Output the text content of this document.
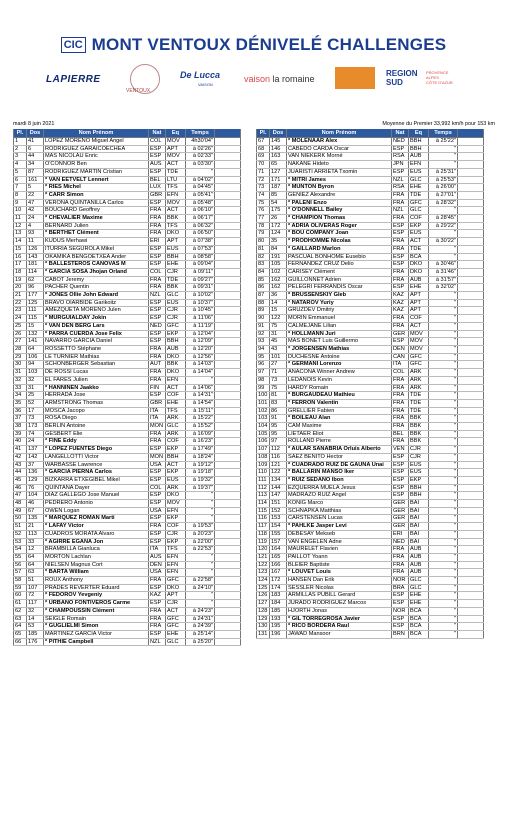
CIC MONT VENTOUX DÉNIVELÉ CHALLENGES
LAPIERRE
VENTOUX
De Lucca
VAISON
vaison la romaine
REGION
SUD
PROVENCE
ALPES
CÔTE D'AZUR
mardi 8 juin 2021	Moyenne du Premier 33,992 km/h pour 153 km
Pl.	Dos	Nom Prénom	Nat	Eq	Temps	
1	41	LOPEZ MORENO Miguel Angel	COL	MOV	4h30'04"	
2	6	RODRIGUEZ GARAICOECHEA	ESP	APT	à 02'26"	
3	44	MAS NICOLAU Enric	ESP	MOV	à 02'33"	
4	34	O'CONNOR Ben	AUS	ACT	à 03'30"	
5	87	RODRIGUEZ MARTIN Cristian	ESP	TDE	"	
6	161	* VAN EETVELT Lennert	BEL	LTU	à 04'02"	
7	5	* RIES Michel	LUX	TFS	à 04'45"	
8	22	* CARR Simon	GBR	EFN	à 05'41"	
9	47	VERONA QUINTANILLA Carlos	ESP	MOV	à 05'48"	
10	42	BOUCHARD Geoffrey	FRA	ACT	à 06'10"	
11	24	* CHEVALIER Maxime	FRA	BBK	à 06'17"	
12	4	BERNARD Julien	FRA	TFS	à 06'32"	
13	93	* BERTHET Clément	FRA	DKO	à 06'50"	
14	11	KUDUS Merhawi	ERI	APT	à 07'38"	
15	126	ITURRIA SEGUROLA Mikel	ESP	EUS	à 07'53"	
16	143	OKAMIKA BENGOETXEA Ander	ESP	BBH	à 08'58"	
17	181	* BALLESTEROS CANOVAS M	ESP	EHE	à 09'04"	
18	114	* GARCIA SOSA Jhojan Orland	COL	CJR	à 09'11"	
19	62	CABOT Jeremy	FRA	TDE	à 09'27"	
20	96	PACHER Quentin	FRA	BBK	à 09'31"	
21	177	* JONES Ollie John Edward	NZL	GLC	à 10'02"	
22	125	BRAVO OIARBIDE Garikoitz	ESP	EUS	à 10'37"	
23	111	AMEZQUETA MORENO Julen	ESP	CJR	à 10'45"	
24	115	* MURGUIALDAY Jokin	ESP	CJR	à 11'06"	
25	15	* VAN DEN BERG Lars	NED	GFC	à 11'19"	
26	132	* PARRA CUERDA Jose Felix	ESP	EKP	à 12'04"	
27	141	NAVARRO GARCIA Daniel	ESP	BBH	à 12'09"	
28	64	ROSSETTO Stéphane	FRA	AUB	à 12'20"	
29	106	LE TURNIER Mathias	FRA	DKO	à 12'56"	
30	94	SCHÖNBERGER Sebastian	AUT	BBK	à 14'03"	
31	103	DE ROSSI Lucas	FRA	DKO	à 14'04"	
32	32	EL FARES Julien	FRA	EFN	"	
33	31	* HÄNNINEN Jaakko	FIN	ACT	à 14'06"	
34	25	HERRADA Jose	ESP	COF	à 14'31"	
35	52	ARMSTRONG Thomas	GBR	EHE	à 14'54"	
36	17	MOSCA Jacopo	ITA	TFS	à 15'11"	
37	73	ROSA Diego	ITA	ARK	à 15'22"	
38	173	BERLIN Antoine	MON	GLC	à 15'52"	
39	74	GESBERT Elie	FRA	ARK	à 16'09"	
40	24	* FINE Eddy	FRA	COF	à 16'23"	
41	137	* LOPEZ FUENTES Diego	ESP	EKP	à 17'49"	
42	142	LANGELLOTTI Victor	MON	BBH	à 18'24"	
43	37	WARBASSE Lawrence	USA	ACT	à 19'12"	
44	136	* GARCIA PIERNA Carlos	ESP	EKP	à 19'18"	
45	129	BIZKARRA ETXEGIBEL Mikel	ESP	EUS	à 19'32"	
46	76	QUINTANA Dayer	COL	ARK	à 19'37"	
47	104	DIAZ GALLEGO Jose Manuel	ESP	DKO	"	
48	46	PEDRERO Antonio	ESP	MOV	"	
49	67	OWEN Logan	USA	EFN	"	
50	135	* MARQUEZ ROMAN Marti	ESP	EKP	"	
51	21	* LAFAY Victor	FRA	COF	à 19'53"	
52	113	CUADROS MORATA Alvaro	ESP	CJR	à 20'23"	
53	33	* AGIRRE EGAÑA Jon	ESP	EKP	à 22'00"	
54	12	BRAMBILLA Gianluca	ITA	TFS	à 22'53"	
55	64	MORTON Lachlan	AUS	EFN	"	
56	64	NIELSEN Magnus Cort	DEN	EFN	"	
57	63	* BARTA William	USA	EFN	"	
58	51	ROUX Anthony	FRA	GFC	à 22'58"	
59	107	PRADES REVERTER Eduard	ESP	DKO	à 24'10"	
60	72	* FEDOROV Yevgeniy	KAZ	APT	"	
61	117	* URBANO FONTIVEROS Carme	ESP	CJR	"	
62	32	* CHAMPOUSSIN Clément	FRA	ACT	à 24'23"	
63	14	SEIGLE Romain	FRA	GFC	à 24'31"	
64	53	* GUGLIELMI Simon	FRA	GFC	à 24'39"	
65	185	MARTINEZ GARCIA Victor	ESP	EHE	à 25'14"	
66	176	* PITHIE Campbell	NZL	GLC	à 25'20"	
Pl.	Dos	Nom Prénom	Nat	Eq	Temps	
67	145	* MOLENAAR Alex	NED	BBH	à 25'22"	
68	146	CABEDO CARDA Oscar	ESP	BBH	"	
69	163	VAN NIEKERK Morné	RSA	AUB	"	
70	65	NAKANE Hideto	JPN	EFN	"	
71	127	JUARISTI ARRIETA Txomin	ESP	EUS	à 25'31"	
72	171	* MITRI James	NZL	GLC	à 25'53"	
73	187	* MUNTON Byron	RSA	EHE	à 26'00"	
74	85	GENIEZ Alexandre	FRA	TDE	à 27'01"	
75	54	* PALENI Enzo	FRA	GFC	à 28'32"	
76	175	* O'DONNELL Bailey	NZL	GLC	"	
77	26	* CHAMPION Thomas	FRA	COF	à 28'45"	
78	172	* ADRIA OLIVERAS Roger	ESP	EKP	à 29'22"	
79	124	* BOU COMPANY Joan	ESP	EUS	"	
80	35	* PRODHOMME Nicolas	FRA	ACT	à 30'22"	
81	84	* GAILLARD Marlon	FRA	TDE	"	
82	191	PASCUAL BONHOME Eusebio	ESP	BCA	"	
83	105	FERNANDEZ CRUZ Delio	ESP	DKO	à 30'46"	
84	102	CARISEY Clément	FRA	DKO	à 31'46"	
85	162	GUILLONNET Adrien	FRA	AUB	à 31'57"	
86	162	PELEGRI FERRANDIS Oscar	ESP	EHE	à 32'02"	
87	36	* BRUSSENSKIY Gleb	KAZ	APT	"	
88	14	* NATAROV Yuriy	KAZ	APT	"	
89	15	GRUZDEV Dmitriy	KAZ	APT	"	
90	122	MORIN Emmanuel	FRA	COF	"	
91	75	CALMEJANE Lilian	FRA	ACT	"	
92	31	* HOLLMANN Juri	GER	MOV	"	
93	45	MAS BONET Luis Guillermo	ESP	MOV	"	
94	43	* JORGENSEN Mathias	DEN	MOV	"	
95	101	DUCHESNE Antoine	CAN	GFC	"	
96	27	* GERMANI Lorenzo	ITA	GFC	"	
97	71	ANACONA Winner Andrew	COL	ARK	"	
98	73	LEDANOIS Kevin	FRA	ARK	"	
99	75	HARDY Romain	FRA	ARK	"	
100	81	* BURGAUDEAU Mathieu	FRA	TDE	"	
101	83	* FERRON Valentin	FRA	TDE	"	
102	86	GRELLIER Fabien	FRA	TDE	"	
103	91	* BOILEAU Alan	FRA	BBK	"	
104	95	CAM Maxime	FRA	BBK	"	
105	95	LIETAER Eliot	BEL	BBK	"	
106	97	ROLLAND Pierre	FRA	BBK	"	
107	112	* AULAR SANABRIA Orluis Alberto	VEN	CJR	"	
108	116	SAEZ BENITO Hector	ESP	CJR	"	
109	121	* CUADRADO RUIZ DE GAUNA Unai	ESP	EUS	"	
110	122	* BALLARIN MANSO Iker	ESP	EUS	"	
111	134	* RUIZ SEDANO Ibon	ESP	EKP	"	
112	144	EZQUERRA MUELA Jesus	ESP	BBH	"	
113	147	MADRAZO RUIZ Angel	ESP	BBH	"	
114	151	KÖNIG Marco	GER	BAI	"	
115	152	SCHNAPKA Matthias	GER	BAI	"	
116	153	CARSTENSEN Lucas	GER	BAI	"	
117	154	* PAHLKE Jasper Levi	GER	BAI	"	
118	155	DEBESAY Mekseb	ERI	BAI	"	
119	157	VAN ENGELEN Adne	NED	BAI	"	
120	164	MAURELET Flavien	FRA	AUB	"	
121	165	PAILLOT Yoann	FRA	AUB	"	
122	166	BLEIER Baptiste	FRA	AUB	"	
123	167	* LOUVET Louis	FRA	AUB	"	
124	172	HANSEN Dan Erik	NOR	GLC	"	
125	174	SESSLER Nicolas	BRA	GLC	"	
126	183	ARMILLAS PUBILL Gerard	ESP	EHE	"	
127	184	JURADO RODRIGUEZ Marcos	ESP	EHE	"	
128	185	HJORTH Jonas	NOR	BCA	"	
129	193	* GIL TORREGROSA Javier	ESP	BCA	"	
130	195	* RICO BORDERA Raul	ESP	BCA	"	
131	196	JAWAD Mansoor	BRN	BCA	"	
